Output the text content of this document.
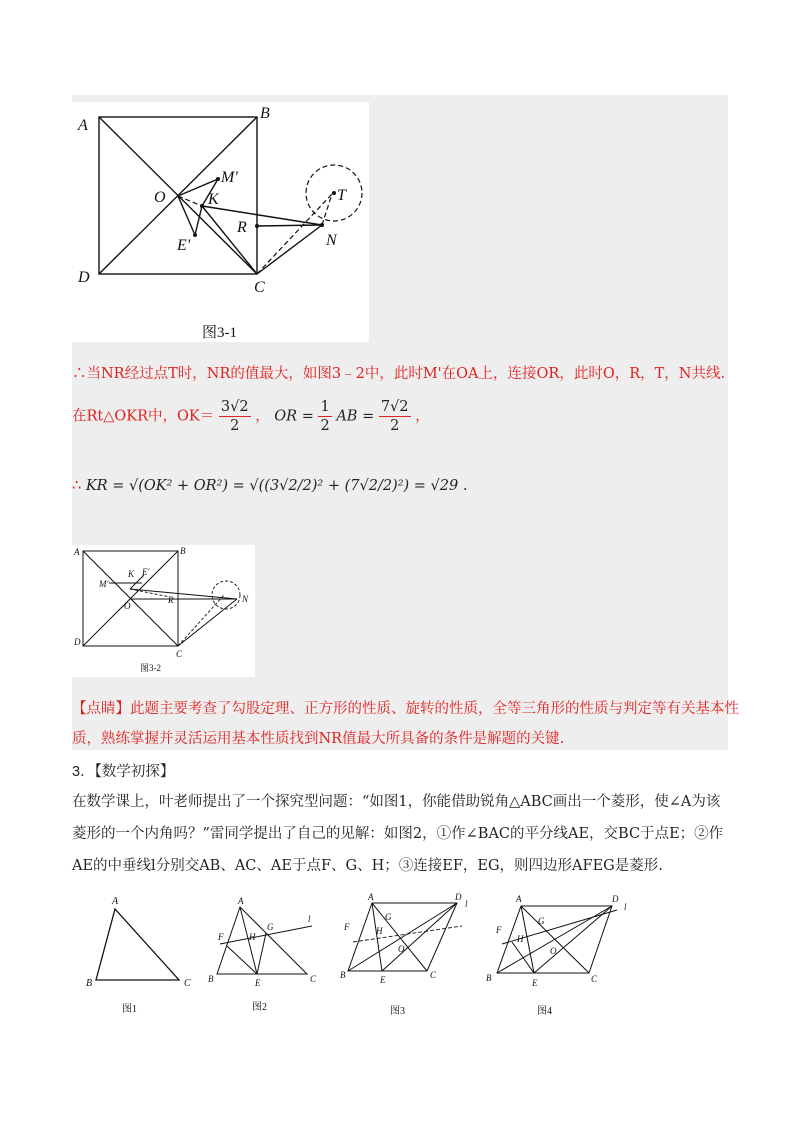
A
B
C
D
O
M'
K
E'
R
N
T
图3-1
∴当NR经过点T时，NR的值最大，如图3﹣2中，此时M'在OA上，连接OR，此时O，R，T，N共线.
在Rt△OKR中，$OK= \frac{3√2}{2}$ ， OR = $\frac{1}{2}$ AB = $\frac{7√2}{2}$ ，
∴ KR = √(OK² + OR²) = √((3√2/2)² + (7√2/2)²) = √29 .
A	B
C
D
O
M'
K E'
R	N
图3-2
【点睛】此题主要考查了勾股定理、正方形的性质、旋转的性质，全等三角形的性质与判定等有关基本性
质，熟练掌握并灵活运用基本性质找到NR值最大所具备的条件是解题的关键.
3．【数学初探】
在数学课上，叶老师提出了一个探究型问题：“如图1，你能借助锐角△ABC画出一个菱形，使∠A为该
菱形的一个内角吗？”雷同学提出了自己的见解：如图2，①作∠BAC的平分线AE，交BC于点E；②作
AE的中垂线l分别交AB、AC、AE于点F、G、H；③连接EF，EG，则四边形AFEG是菱形.
A
B	C
图1
A
B	C
E
F
G
H
l
图2
A
B	C
D
E
F
G
H
O
l
图3
A
B	C
D
E
F
G
H
O
l
图4
